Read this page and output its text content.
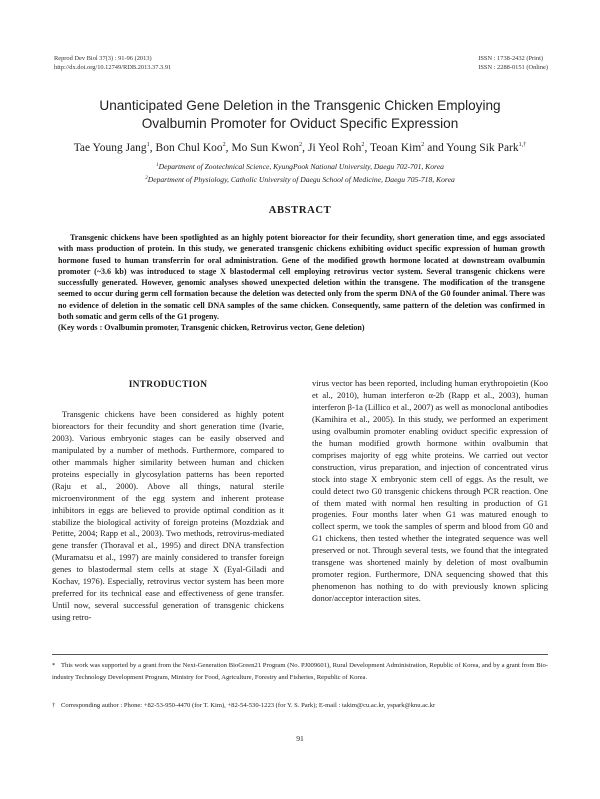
Reprod Dev Biol 37(3) : 91-96 (2013)
http://dx.doi.org/10.12749/RDB.2013.37.3.91
ISSN : 1738-2432 (Print)
ISSN : 2288-0151 (Online)
Unanticipated Gene Deletion in the Transgenic Chicken Employing
Ovalbumin Promoter for Oviduct Specific Expression
Tae Young Jang$^1$, Bon Chul Koo$^2$, Mo Sun Kwon$^2$, Ji Yeol Roh$^2$, Teoan Kim$^2$ and Young Sik Park$^{1,\dagger}$
$^1$Department of Zootechnical Science, KyungPook National University, Daegu 702-701, Korea
$^2$Department of Physiology, Catholic University of Daegu School of Medicine, Daegu 705-718, Korea
ABSTRACT

Transgenic chickens have been spotlighted as an highly potent bioreactor for their fecundity, short generation time, and eggs associated with mass production of protein. In this study, we generated transgenic chickens exhibiting oviduct specific expression of human growth hormone fused to human transferrin for oral administration. Gene of the modified growth hormone located at downstream ovalbumin promoter (~3.6 kb) was introduced to stage X blastodermal cell employing retrovirus vector system. Several transgenic chickens were successfully generated. However, genomic analyses showed unexpected deletion within the transgene. The modification of the transgene seemed to occur during germ cell formation because the deletion was detected only from the sperm DNA of the G0 founder animal. There was no evidence of deletion in the somatic cell DNA samples of the same chicken. Consequently, same pattern of the deletion was confirmed in both somatic and germ cells of the G1 progeny.

(Key words : Ovalbumin promoter, Transgenic chicken, Retrovirus vector, Gene deletion)

INTRODUCTION

Transgenic chickens have been considered as highly potent bioreactors for their fecundity and short generation time (Ivarie, 2003). Various embryonic stages can be easily observed and manipulated by a number of methods. Furthermore, compared to other mammals higher similarity between human and chicken proteins especially in glycosylation patterns has been reported (Raju et al., 2000). Above all things, natural sterile microenvironment of the egg system and inherent protease inhibitors in eggs are believed to provide optimal condition as it stabilize the biological activity of foreign proteins (Mozdziak and Petitte, 2004; Rapp et al., 2003). Two methods, retrovirus-mediated gene transfer (Thoraval et al., 1995) and direct DNA transfection (Muramatsu et al., 1997) are mainly considered to transfer foreign genes to blastodermal stem cells at stage X (Eyal-Giladi and Kochav, 1976). Especially, retrovirus vector system has been more preferred for its technical ease and effectiveness of gene transfer. Until now, several successful generation of transgenic chickens using retro-

virus vector has been reported, including human erythropoietin (Koo et al., 2010), human interferon α-2b (Rapp et al., 2003), human interferon β-1a (Lillico et al., 2007) as well as monoclonal antibodies (Kamihira et al., 2005). In this study, we performed an experiment using ovalbumin promoter enabling oviduct specific expression of the human modified growth hormone within ovalbumin that comprises majority of egg white proteins. We carried out vector construction, virus preparation, and injection of concentrated virus stock into stage X embryonic stem cell of eggs. As the result, we could detect two G0 transgenic chickens through PCR reaction. One of them mated with normal hen resulting in production of G1 progenies. Four months later when G1 was matured enough to collect sperm, we took the samples of sperm and blood from G0 and G1 chickens, then tested whether the integrated sequence was well preserved or not. Through several tests, we found that the integrated transgene was shortened mainly by deletion of most ovalbumin promoter region. Furthermore, DNA sequencing showed that this phenomenon has nothing to do with previously known splicing donor/acceptor interaction sites.

* This work was supported by a grant from the Next-Generation BioGreen21 Program (No. PJ009601), Rural Development Administration, Republic of Korea, and by a grant from Bio-industry Technology Development Program, Ministry for Food, Agriculture, Forestry and Fisheries, Republic of Korea.
† Corresponding author : Phone: +82-53-950-4470 (for T. Kim), +82-54-530-1223 (for Y. S. Park); E-mail : takim@cu.ac.kr, yspark@knu.ac.kr
91
